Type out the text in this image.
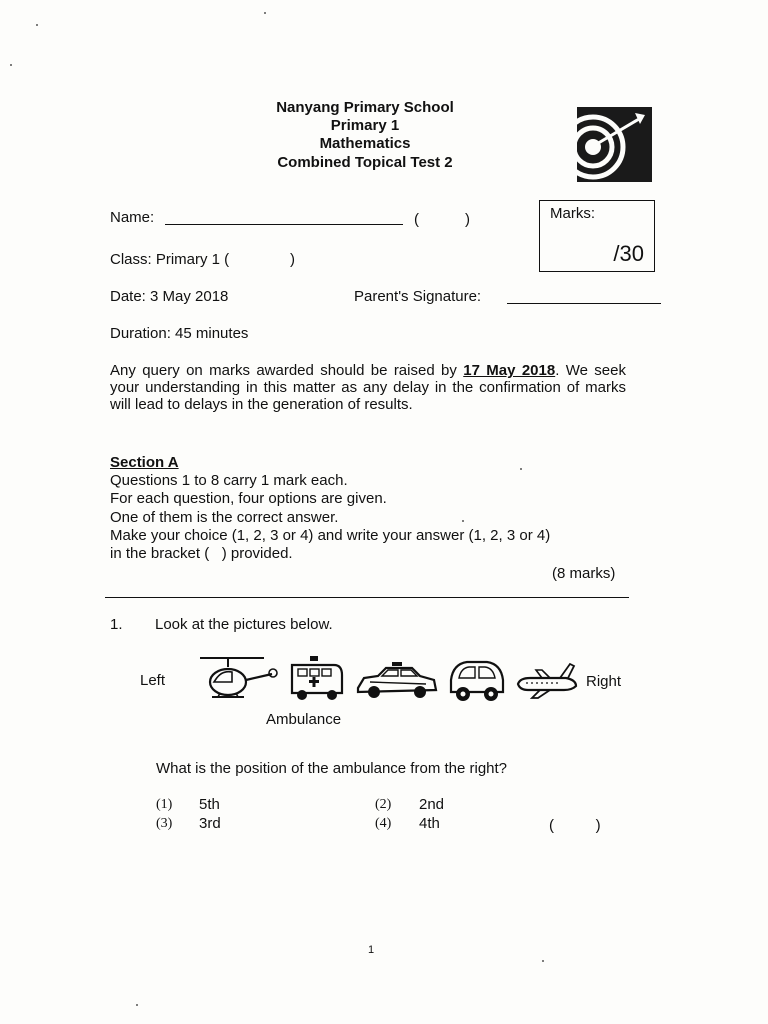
Nanyang Primary School
Primary 1
Mathematics
Combined Topical Test 2
Name:	(	)	Marks:
/30
Class: Primary 1 (	)
Date: 3 May 2018	Parent's Signature:
Duration: 45 minutes
Any query on marks awarded should be raised by 17 May 2018. We seek your understanding in this matter as any delay in the confirmation of marks will lead to delays in the generation of results.
Section A
Questions 1 to 8 carry 1 mark each.
For each question, four options are given.
One of them is the correct answer.
Make your choice (1, 2, 3 or 4) and write your answer (1, 2, 3 or 4)
in the bracket (   ) provided.
(8 marks)
1. Look at the pictures below.
Left	Right
Ambulance
What is the position of the ambulance from the right?
(1) 5th	(2) 2nd
(3) 3rd	(4) 4th	(          )
1
